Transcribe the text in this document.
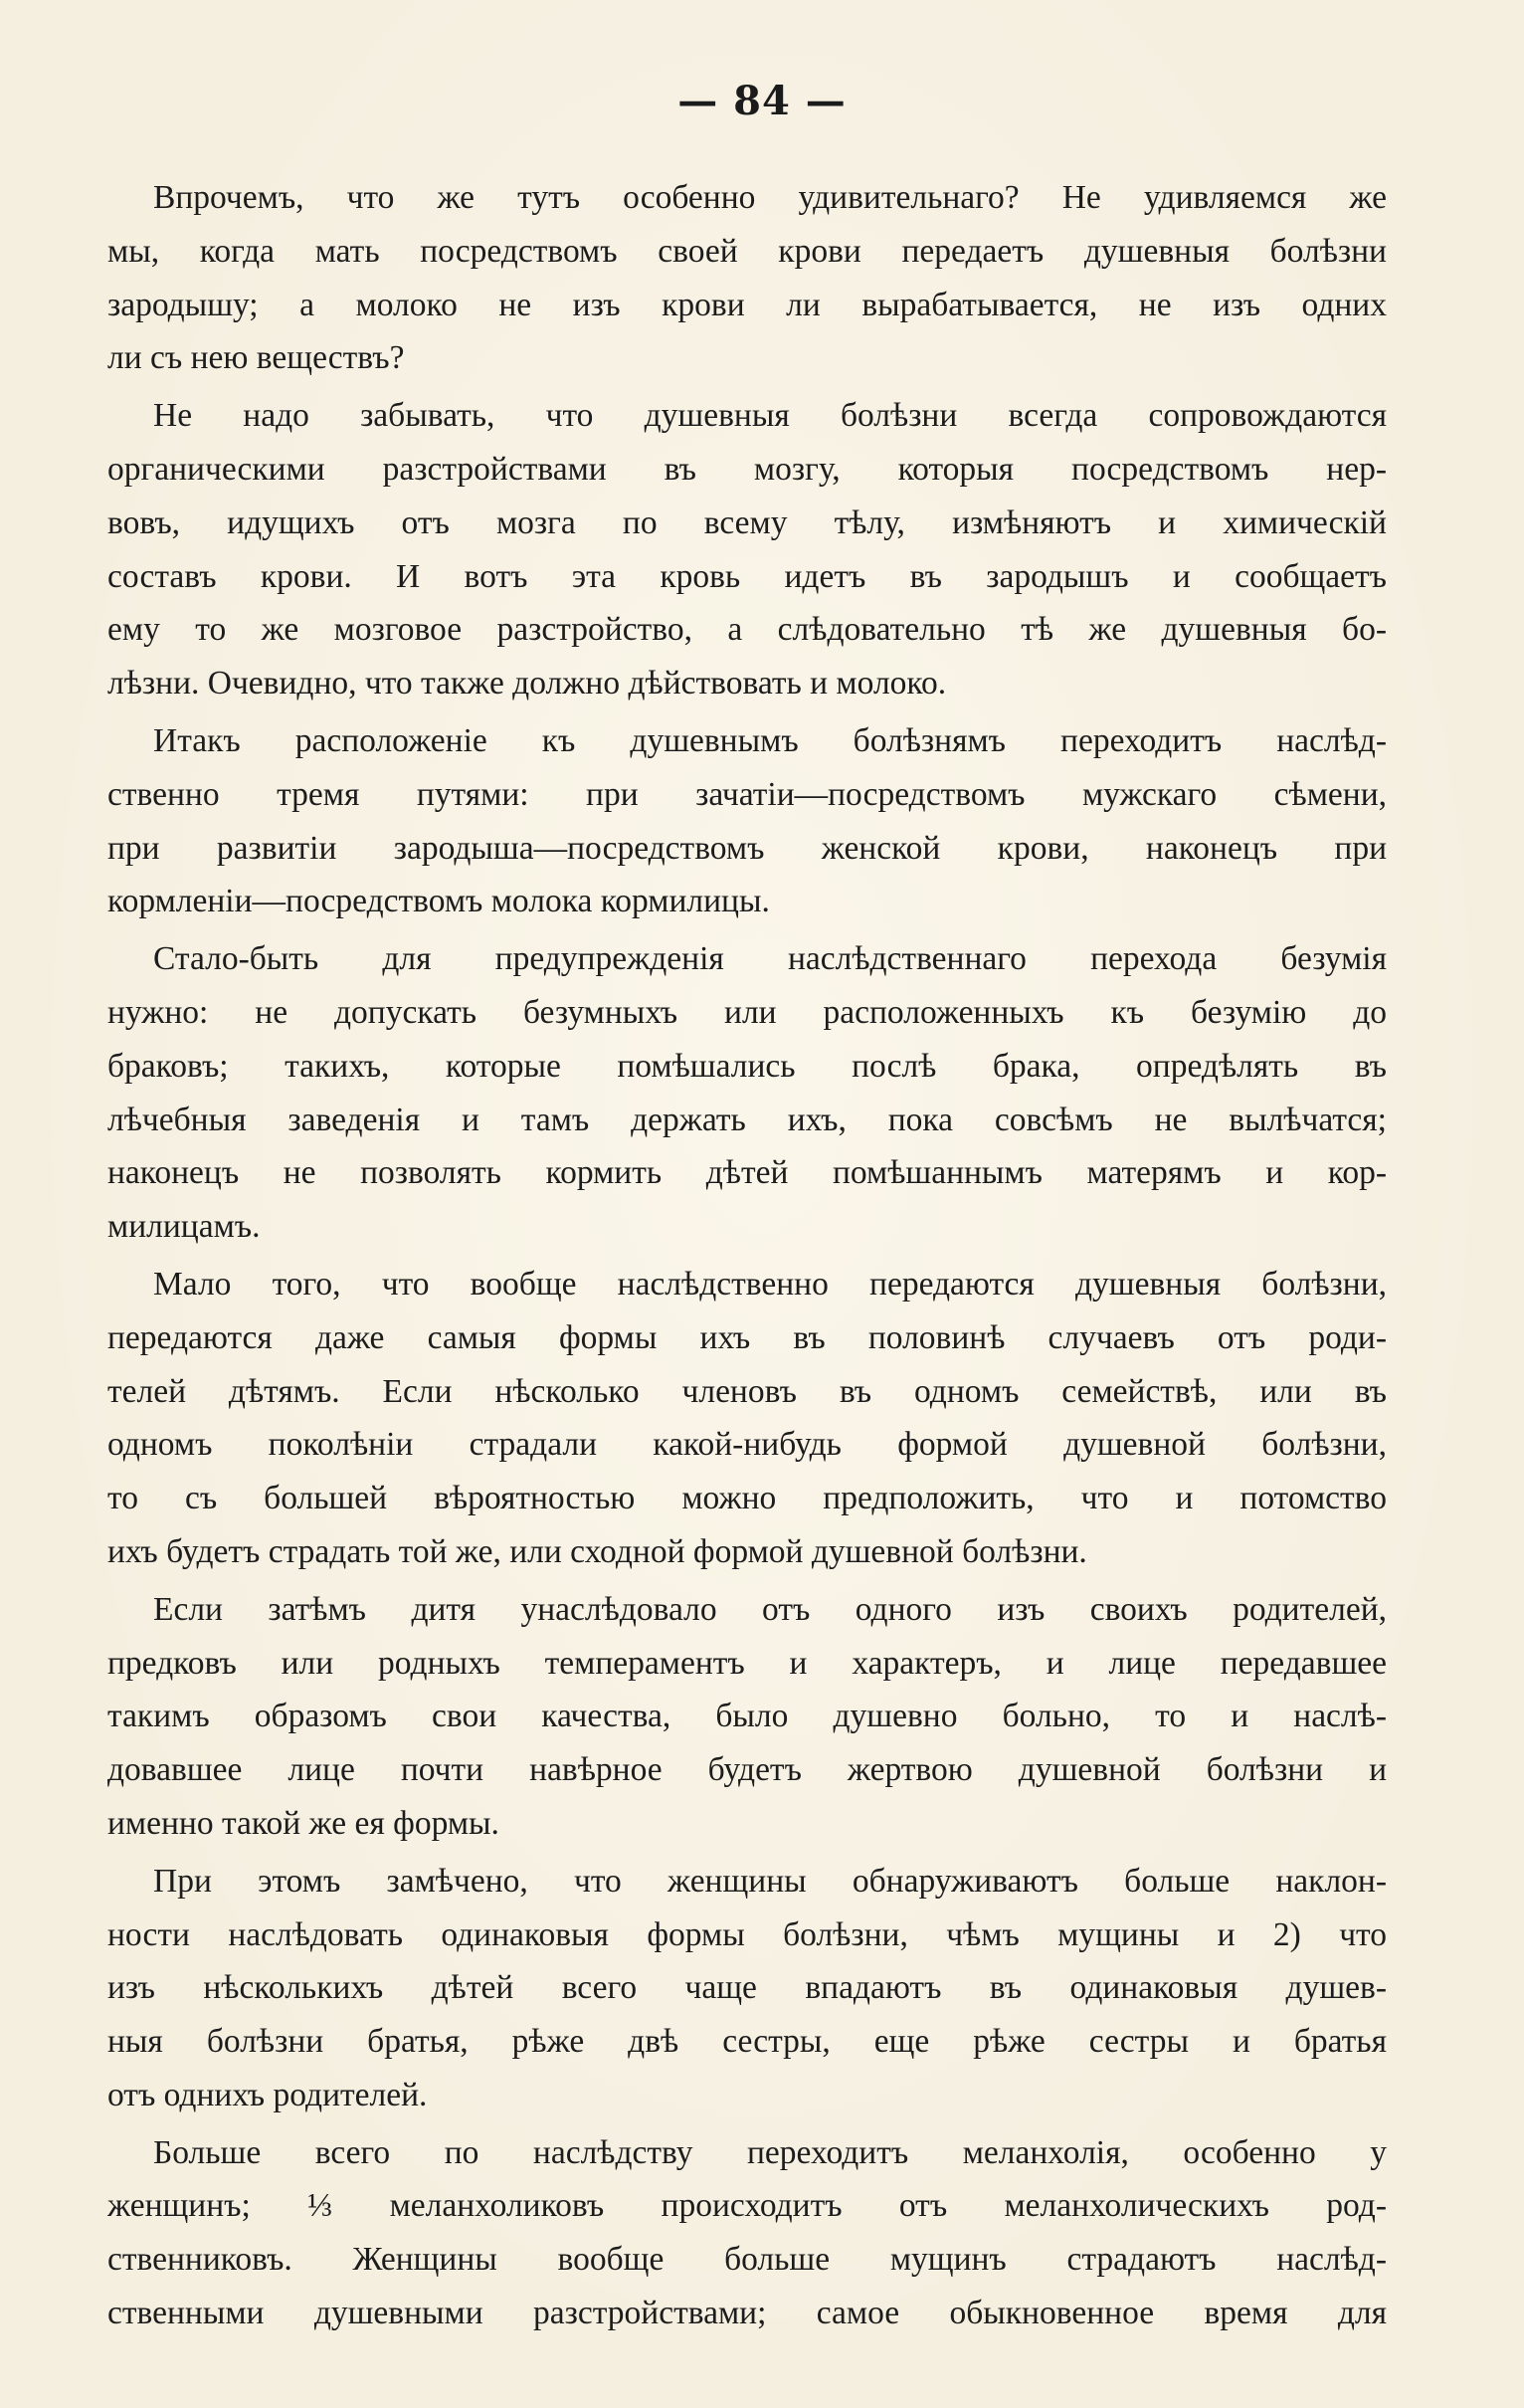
— 84 —
Впрочемъ, что же тутъ особенно удивительнаго? Не удивляемся же
мы, когда мать посредствомъ своей крови передаетъ душевныя болѣзни
зародышу; а молоко не изъ крови ли вырабатывается, не изъ одних
ли съ нею веществъ?
Не надо забывать, что душевныя болѣзни всегда сопровождаются
органическими разстройствами въ мозгу, которыя посредствомъ нер-
вовъ, идущихъ отъ мозга по всему тѣлу, измѣняютъ и химическій
составъ крови. И вотъ эта кровь идетъ въ зародышъ и сообщаетъ
ему то же мозговое разстройство, а слѣдовательно тѣ же душевныя бо-
лѣзни. Очевидно, что также должно дѣйствовать и молоко.
Итакъ расположеніе къ душевнымъ болѣзнямъ переходитъ наслѣд-
ственно тремя путями: при зачатіи—посредствомъ мужскаго сѣмени,
при развитіи зародыша—посредствомъ женской крови, наконецъ при
кормленіи—посредствомъ молока кормилицы.
Стало-быть для предупрежденія наслѣдственнаго перехода безумія
нужно: не допускать безумныхъ или расположенныхъ къ безумію до
браковъ; такихъ, которые помѣшались послѣ брака, опредѣлять въ
лѣчебныя заведенія и тамъ держать ихъ, пока совсѣмъ не вылѣчатся;
наконецъ не позволять кормить дѣтей помѣшаннымъ матерямъ и кор-
милицамъ.
Мало того, что вообще наслѣдственно передаются душевныя болѣзни,
передаются даже самыя формы ихъ въ половинѣ случаевъ отъ роди-
телей дѣтямъ. Если нѣсколько членовъ въ одномъ семействѣ, или въ
одномъ поколѣніи страдали какой-нибудь формой душевной болѣзни,
то съ большей вѣроятностью можно предположить, что и потомство
ихъ будетъ страдать той же, или сходной формой душевной болѣзни.
Если затѣмъ дитя унаслѣдовало отъ одного изъ своихъ родителей,
предковъ или родныхъ темпераментъ и характеръ, и лице передавшее
такимъ образомъ свои качества, было душевно больно, то и наслѣ-
довавшее лице почти навѣрное будетъ жертвою душевной болѣзни и
именно такой же ея формы.
При этомъ замѣчено, что женщины обнаруживаютъ больше наклон-
ности наслѣдовать одинаковыя формы болѣзни, чѣмъ мущины и 2) что
изъ нѣсколькихъ дѣтей всего чаще впадаютъ въ одинаковыя душев-
ныя болѣзни братья, рѣже двѣ сестры, еще рѣже сестры и братья
отъ однихъ родителей.
Больше всего по наслѣдству переходитъ меланхолія, особенно у
женщинъ; ⅓ меланхоликовъ происходитъ отъ меланхолическихъ род-
ственниковъ. Женщины вообще больше мущинъ страдаютъ наслѣд-
ственными душевными разстройствами; самое обыкновенное время для
